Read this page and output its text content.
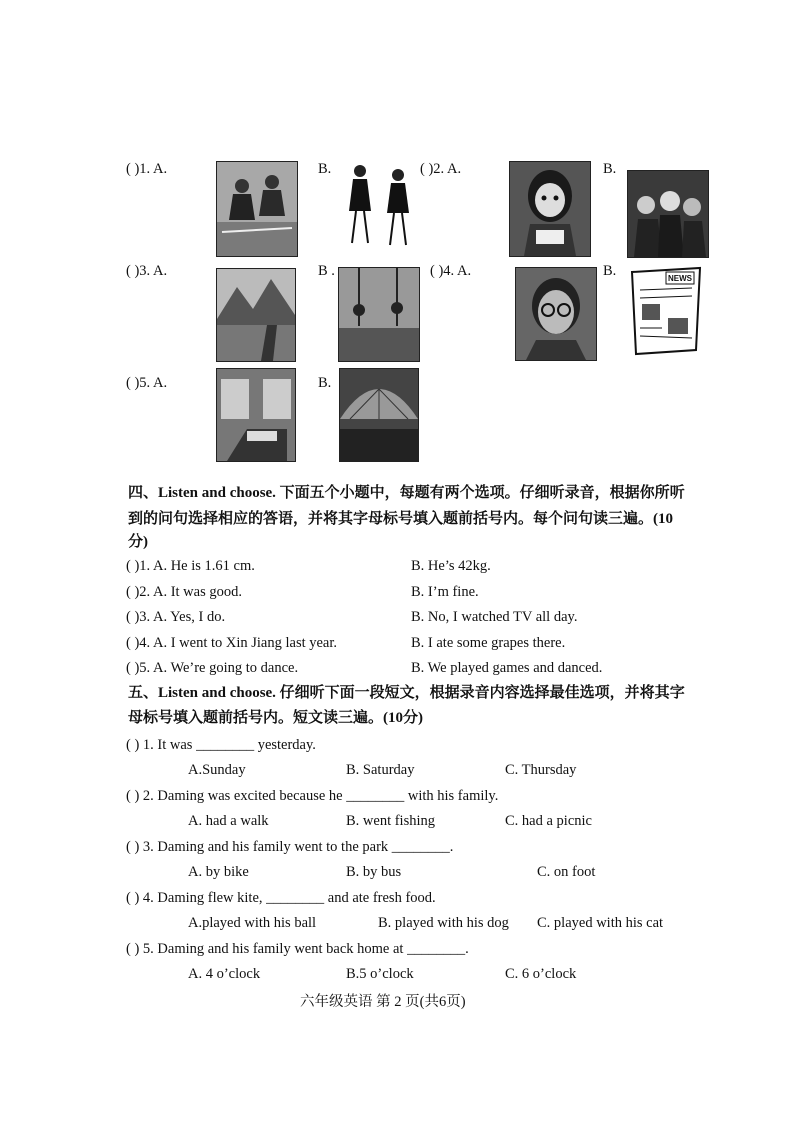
( )1. A.	B.	( )2. A.	B.
( )3. A.	B .	( )4. A.	B.	NEWS
( )5. A.	B.
四、Listen and choose. 下面五个小题中，每题有两个选项。仔细听录音，根据你所听
到的问句选择相应的答语，并将其字母标号填入题前括号内。每个问句读三遍。(10
分)
( )1. A. He is 1.61 cm.	B. He’s 42kg.
( )2. A. It was good.	B. I’m fine.
( )3. A. Yes, I do.	B. No, I watched TV all day.
( )4. A. I went to Xin Jiang last year.	B. I ate some grapes there.
( )5. A. We’re going to dance.	B. We played games and danced.
五、Listen and choose. 仔细听下面一段短文，根据录音内容选择最佳选项，并将其字
母标号填入题前括号内。短文读三遍。(10分)
( ) 1. It was ________ yesterday.
A.Sunday	B. Saturday	C. Thursday
( ) 2. Daming was excited because he ________ with his family.
A. had a walk	B. went fishing	C. had a picnic
( ) 3. Daming and his family went to the park ________.
A. by bike	B. by bus	C. on foot
( ) 4. Daming flew kite, ________ and ate fresh food.
A.played with his ball	B. played with his dog C. played with his cat
( ) 5. Daming and his family went back home at ________.
A. 4 o’clock	B.5 o’clock	C. 6 o’clock
六年级英语 第 2 页(共6页)
